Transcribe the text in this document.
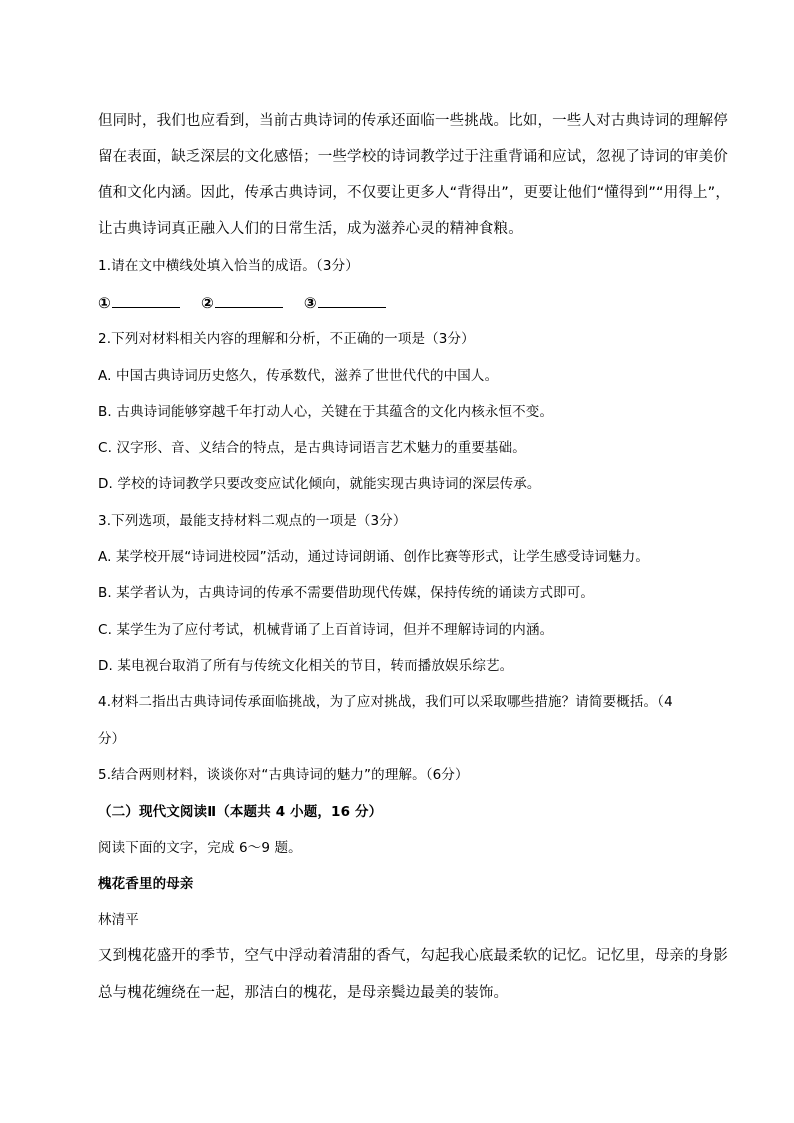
但同时，我们也应看到，当前古典诗词的传承还面临一些挑战。比如，一些人对古典诗词的理解停
留在表面，缺乏深层的文化感悟；一些学校的诗词教学过于注重背诵和应试，忽视了诗词的审美价
值和文化内涵。因此，传承古典诗词，不仅要让更多人“背得出”，更要让他们“懂得到”“用得上”，
让古典诗词真正融入人们的日常生活，成为滋养心灵的精神食粮。
1.请在文中横线处填入恰当的成语。（3分）
①	②	③
2.下列对材料相关内容的理解和分析，不正确的一项是（3分）
A. 中国古典诗词历史悠久，传承数代，滋养了世世代代的中国人。
B. 古典诗词能够穿越千年打动人心，关键在于其蕴含的文化内核永恒不变。
C. 汉字形、音、义结合的特点，是古典诗词语言艺术魅力的重要基础。
D. 学校的诗词教学只要改变应试化倾向，就能实现古典诗词的深层传承。
3.下列选项，最能支持材料二观点的一项是（3分）
A. 某学校开展“诗词进校园”活动，通过诗词朗诵、创作比赛等形式，让学生感受诗词魅力。
B. 某学者认为，古典诗词的传承不需要借助现代传媒，保持传统的诵读方式即可。
C. 某学生为了应付考试，机械背诵了上百首诗词，但并不理解诗词的内涵。
D. 某电视台取消了所有与传统文化相关的节目，转而播放娱乐综艺。
4.材料二指出古典诗词传承面临挑战，为了应对挑战，我们可以采取哪些措施？请简要概括。（4
分）
5.结合两则材料，谈谈你对“古典诗词的魅力”的理解。（6分）
（二）现代文阅读Ⅱ（本题共 4 小题，16 分）
阅读下面的文字，完成 6～9 题。
槐花香里的母亲
林清平
又到槐花盛开的季节，空气中浮动着清甜的香气，勾起我心底最柔软的记忆。记忆里，母亲的身影
总与槐花缠绕在一起，那洁白的槐花，是母亲鬓边最美的装饰。
